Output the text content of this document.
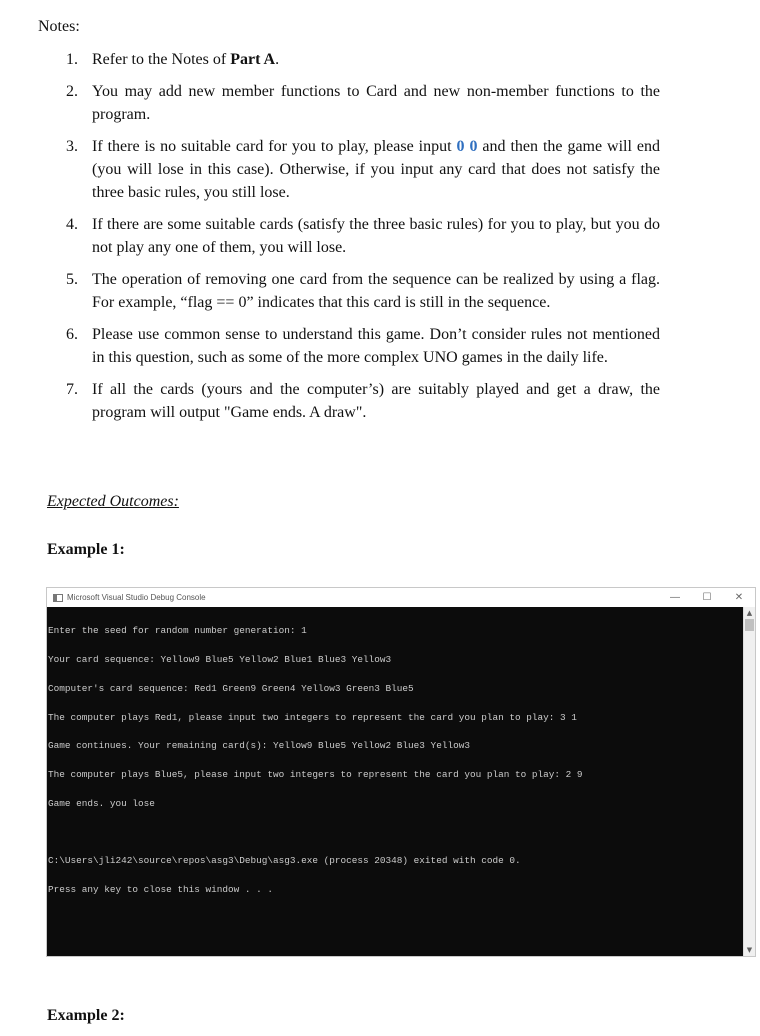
Notes:
1. Refer to the Notes of Part A.
2. You may add new member functions to Card and new non-member functions to the program.
3. If there is no suitable card for you to play, please input 0 0 and then the game will end (you will lose in this case). Otherwise, if you input any card that does not satisfy the three basic rules, you still lose.
4. If there are some suitable cards (satisfy the three basic rules) for you to play, but you do not play any one of them, you will lose.
5. The operation of removing one card from the sequence can be realized by using a flag. For example, “flag == 0” indicates that this card is still in the sequence.
6. Please use common sense to understand this game. Don’t consider rules not mentioned in this question, such as some of the more complex UNO games in the daily life.
7. If all the cards (yours and the computer’s) are suitably played and get a draw, the program will output "Game ends. A draw".
Expected Outcomes:
Example 1:
Microsoft Visual Studio Debug Console	—	☐	✕

Enter the seed for random number generation: 1

Your card sequence: Yellow9 Blue5 Yellow2 Blue1 Blue3 Yellow3

Computer's card sequence: Red1 Green9 Green4 Yellow3 Green3 Blue5

The computer plays Red1, please input two integers to represent the card you plan to play: 3 1

Game continues. Your remaining card(s): Yellow9 Blue5 Yellow2 Blue3 Yellow3

The computer plays Blue5, please input two integers to represent the card you plan to play: 2 9

Game ends. you lose

C:\Users\jli242\source\repos\asg3\Debug\asg3.exe (process 20348) exited with code 0.

Press any key to close this window . . .

▲
▼
Example 2:
